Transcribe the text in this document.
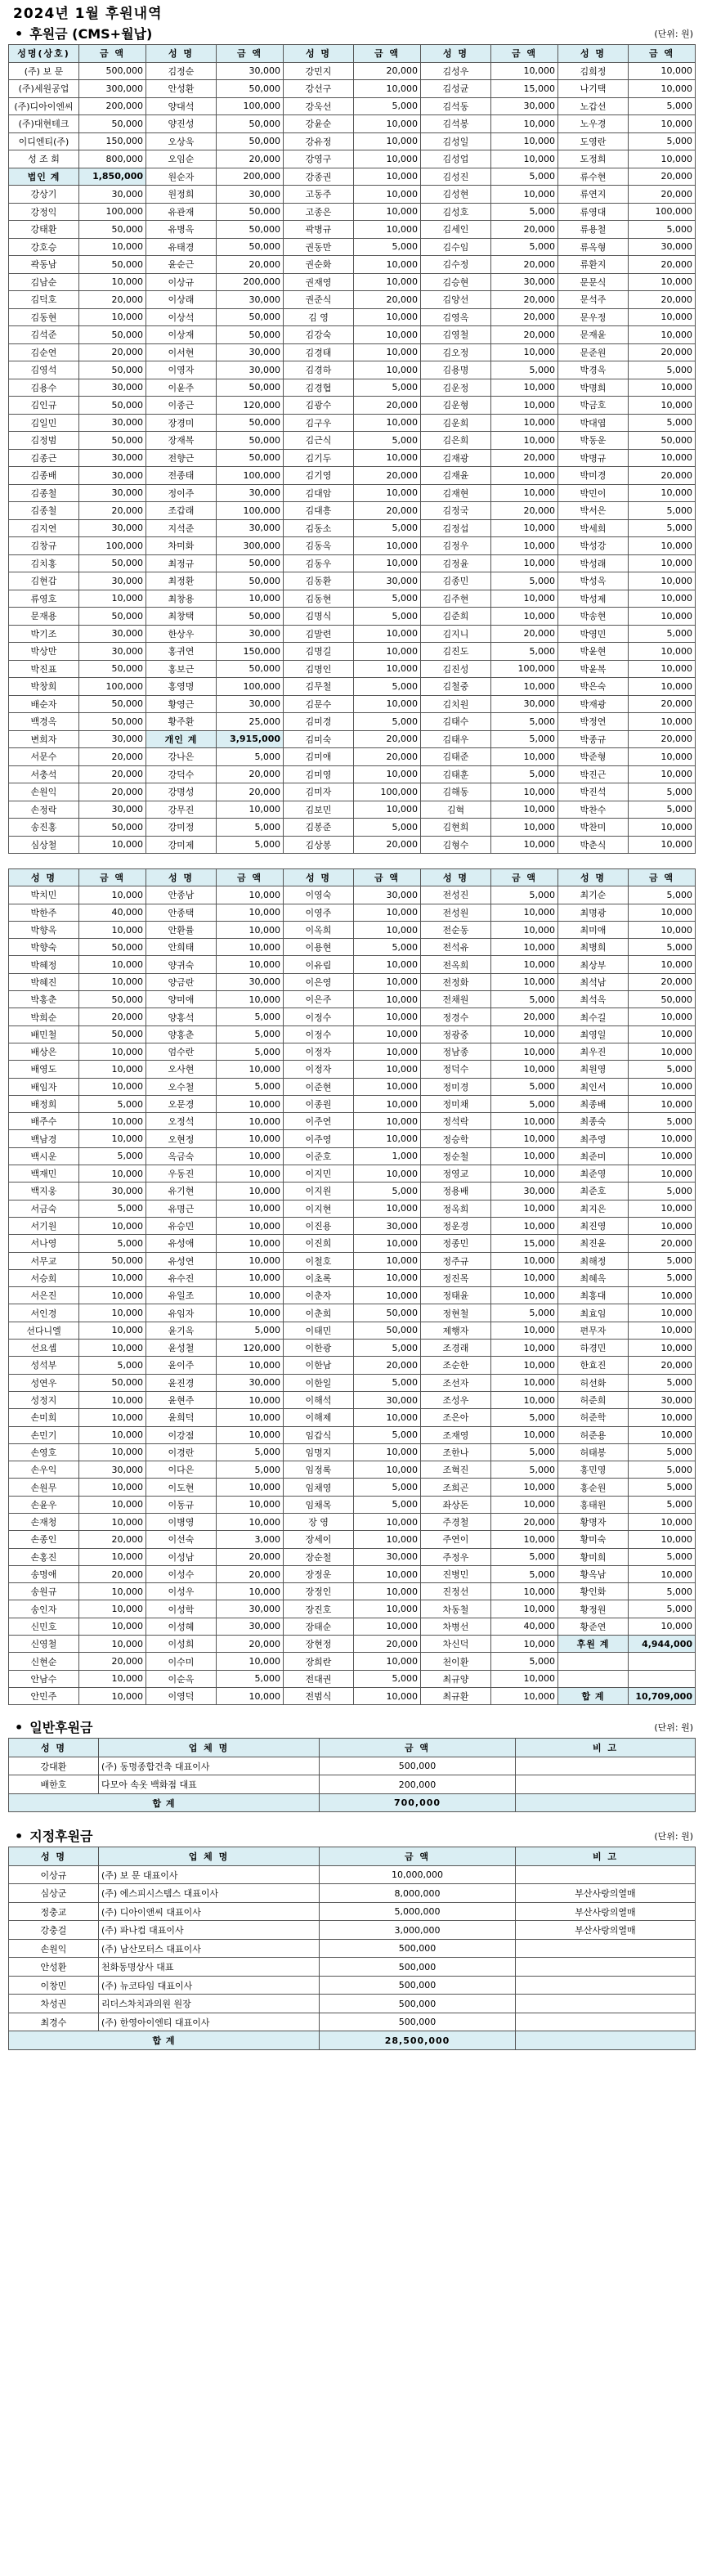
2024년 1월 후원내역
• 후원금 (CMS+월납)	(단위: 원)
성명(상호)	금 액	성 명	금 액	성 명	금 액	성 명	금 액	성 명	금 액
(주) 보 문	500,000	김정순	30,000	강민지	20,000	김성우	10,000	김희정	10,000
(주)세원공업	300,000	안성환	50,000	강선구	10,000	김성균	15,000	나기택	10,000
(주)디아이엔씨	200,000	양대석	100,000	강욱선	5,000	김석동	30,000	노갑선	5,000
(주)대현테크	50,000	양진성	50,000	강윤순	10,000	김석봉	10,000	노우경	10,000
이디엔티(주)	150,000	오상욱	50,000	강유정	10,000	김성일	10,000	도영란	5,000
성 조 회	800,000	오임순	20,000	강영구	10,000	김성업	10,000	도정희	10,000
법인 계	1,850,000	원순자	200,000	강종권	10,000	김성진	5,000	류수현	20,000
강상기	30,000	원정희	30,000	고동주	10,000	김성현	10,000	류연지	20,000
강정익	100,000	유관재	50,000	고종은	10,000	김성호	5,000	류영대	100,000
강태환	50,000	유병옥	50,000	곽병규	10,000	김세인	20,000	류용철	5,000
강호승	10,000	유태경	50,000	권동만	5,000	김수임	5,000	류옥형	30,000
곽동남	50,000	윤순근	20,000	권순화	10,000	김수정	20,000	류환지	20,000
김남순	10,000	이상규	200,000	권재영	10,000	김승현	30,000	문문식	10,000
김덕호	20,000	이상래	30,000	권준식	20,000	김양선	20,000	문석주	20,000
김동현	10,000	이상석	50,000	김 영	10,000	김영옥	20,000	문우정	10,000
김석준	50,000	이상재	50,000	김강숙	10,000	김영철	20,000	문재윤	10,000
김순연	20,000	이서현	30,000	김경태	10,000	김오정	10,000	문준원	20,000
김영석	50,000	이영자	30,000	김경하	10,000	김용명	5,000	박경옥	5,000
김용수	30,000	이윤주	50,000	김경협	5,000	김운정	10,000	박명희	10,000
김인규	50,000	이종근	120,000	김광수	20,000	김운형	10,000	박금호	10,000
김일민	30,000	장경미	50,000	김구우	10,000	김운희	10,000	박대엽	5,000
김정범	50,000	장재복	50,000	김근식	5,000	김은희	10,000	박동운	50,000
김종근	30,000	전향근	50,000	김기두	10,000	김재광	20,000	박명규	10,000
김종배	30,000	전종태	100,000	김기영	20,000	김재윤	10,000	박미경	20,000
김종철	30,000	정이주	30,000	김대암	10,000	김재현	10,000	박민이	10,000
김종철	20,000	조갑래	100,000	김대흥	20,000	김정국	20,000	박서은	5,000
김지연	30,000	지석준	30,000	김동소	5,000	김정섭	10,000	박세희	5,000
김창규	100,000	차미화	300,000	김동옥	10,000	김정우	10,000	박성강	10,000
김치홍	50,000	최정규	50,000	김동우	10,000	김정윤	10,000	박성래	10,000
김현갑	30,000	최정환	50,000	김동환	30,000	김종민	5,000	박성옥	10,000
류영호	10,000	최창용	10,000	김동현	5,000	김주현	10,000	박성제	10,000
문재용	50,000	최창택	50,000	김명식	5,000	김준희	10,000	박송현	10,000
박기조	30,000	한상우	30,000	김말련	10,000	김지니	20,000	박영민	5,000
박상만	30,000	홍귀연	150,000	김명길	10,000	김진도	5,000	박윤현	10,000
박진표	50,000	홍보근	50,000	김명인	10,000	김진성	100,000	박윤복	10,000
박창희	100,000	홍영명	100,000	김무철	5,000	김철중	10,000	박은숙	10,000
배순자	50,000	황영근	30,000	김문수	10,000	김치원	30,000	박재광	20,000
백경옥	50,000	황주환	25,000	김미경	5,000	김태수	5,000	박정연	10,000
변희자	30,000	개인 계	3,915,000	김미숙	20,000	김태우	5,000	박종규	20,000
서문수	20,000	강나은	5,000	김미애	20,000	김태준	10,000	박준형	10,000
서충석	20,000	강덕수	20,000	김미영	10,000	김태훈	5,000	박진근	10,000
손원익	20,000	강명성	20,000	김미자	100,000	김해동	10,000	박진석	5,000
손정락	30,000	강무진	10,000	김보민	10,000	김혁	10,000	박찬수	5,000
송진홍	50,000	강미정	5,000	김봉준	5,000	김현희	10,000	박찬미	10,000
심상철	10,000	강미제	5,000	김상봉	20,000	김형수	10,000	박춘식	10,000
성 명	금 액	성 명	금 액	성 명	금 액	성 명	금 액	성 명	금 액
박치민	10,000	안종남	10,000	이영숙	30,000	전성진	5,000	최기순	5,000
박한주	40,000	안종택	10,000	이영주	10,000	전성원	10,000	최명광	10,000
박향옥	10,000	안환률	10,000	이옥희	10,000	전순동	10,000	최미애	10,000
박향숙	50,000	안희태	10,000	이용현	5,000	전석유	10,000	최병희	5,000
박혜정	10,000	양귀숙	10,000	이유림	10,000	전옥희	10,000	최상부	10,000
박혜진	10,000	양금란	30,000	이은영	10,000	전정화	10,000	최석남	20,000
박홍춘	50,000	양미애	10,000	이은주	10,000	전채원	5,000	최석옥	50,000
박희순	20,000	양홍석	5,000	이정수	10,000	정경수	20,000	최수길	10,000
배민철	50,000	양홍춘	5,000	이정수	10,000	정광중	10,000	최영일	10,000
배상은	10,000	엄수란	5,000	이정자	10,000	정남종	10,000	최우진	10,000
배영도	10,000	오사현	10,000	이정자	10,000	정덕수	10,000	최원영	5,000
배임자	10,000	오수철	5,000	이준현	10,000	정미경	5,000	최인서	10,000
배정희	5,000	오문경	10,000	이종원	10,000	정미채	5,000	최종배	10,000
배주수	10,000	오정석	10,000	이주연	10,000	정석락	10,000	최종숙	5,000
백남경	10,000	오현정	10,000	이주영	10,000	정승학	10,000	최주영	10,000
백시운	5,000	옥금숙	10,000	이준호	1,000	정순철	10,000	최준미	10,000
백재민	10,000	우동진	10,000	이지민	10,000	정영교	10,000	최준영	10,000
백지웅	30,000	유기현	10,000	이지원	5,000	정용배	30,000	최준호	5,000
서금숙	5,000	유명근	10,000	이지현	10,000	정옥희	10,000	최지은	10,000
서기원	10,000	유승민	10,000	이진용	30,000	정운경	10,000	최진영	10,000
서나영	5,000	유성애	10,000	이진희	10,000	정종민	15,000	최진윤	20,000
서무교	50,000	유성연	10,000	이철호	10,000	정주규	10,000	최해정	5,000
서승희	10,000	유수진	10,000	이초록	10,000	정진목	10,000	최혜옥	5,000
서은진	10,000	유일조	10,000	이춘자	10,000	정태윤	10,000	최홍대	10,000
서인경	10,000	유임자	10,000	이춘희	50,000	정현철	5,000	최효임	10,000
선다니엘	10,000	윤기옥	5,000	이태민	50,000	제행자	10,000	편무자	10,000
선요셉	10,000	윤성철	120,000	이한광	5,000	조경래	10,000	하경민	10,000
성석부	5,000	윤이주	10,000	이한남	20,000	조순한	10,000	한효진	20,000
성연우	50,000	윤진경	30,000	이한일	5,000	조선자	10,000	허선화	5,000
성정지	10,000	윤현주	10,000	이해석	30,000	조성우	10,000	허준희	30,000
손미희	10,000	윤희덕	10,000	이해제	10,000	조은아	5,000	허준학	10,000
손민기	10,000	이강점	10,000	임갑식	5,000	조재영	10,000	허준용	10,000
손영호	10,000	이경란	5,000	임명지	10,000	조한나	5,000	허태봉	5,000
손우익	30,000	이다은	5,000	임정록	10,000	조혁진	5,000	홍민영	5,000
손원무	10,000	이도현	10,000	임채영	5,000	조희곤	10,000	홍순원	5,000
손윤우	10,000	이동규	10,000	임채목	5,000	좌상돈	10,000	홍태원	5,000
손재청	10,000	이병영	10,000	장 영	10,000	주경철	20,000	황명자	10,000
손종인	20,000	이선숙	3,000	장세이	10,000	주연이	10,000	황미숙	10,000
손홍진	10,000	이성남	20,000	장순철	30,000	주정우	5,000	황미희	5,000
송명애	20,000	이성수	20,000	장정운	10,000	진병민	5,000	황옥남	10,000
송원규	10,000	이성우	10,000	장정인	10,000	진정선	10,000	황인화	5,000
송인자	10,000	이성학	30,000	장진호	10,000	차동철	10,000	황정원	5,000
신민호	10,000	이성혜	30,000	장태순	10,000	차병선	40,000	황준연	10,000
신영철	10,000	이성희	20,000	장현정	20,000	차신덕	10,000	후원 계	4,944,000
신현순	20,000	이수미	10,000	장희란	10,000	천이환	5,000		
안남수	10,000	이순옥	5,000	전대권	5,000	최규양	10,000		
안민주	10,000	이영덕	10,000	전범식	10,000	최규환	10,000	합 계	10,709,000
• 일반후원금	(단위: 원)
성 명	업 체 명	금 액	비 고
강대환	(주) 동명종합건축 대표이사	500,000	
배한호	다모아 속옷 백화점 대표	200,000	
합 계		700,000	
• 지정후원금	(단위: 원)
성 명	업 체 명	금 액	비 고
이상규	(주) 보 문 대표이사	10,000,000	
심상군	(주) 에스피시스템스 대표이사	8,000,000	부산사랑의열매
정충교	(주) 디아이앤씨 대표이사	5,000,000	부산사랑의열매
강충걸	(주) 파나컴 대표이사	3,000,000	부산사랑의열매
손원익	(주) 남산모터스 대표이사	500,000	
안성환	천화동명상사 대표	500,000	
이창민	(주) 뉴코타임 대표이사	500,000	
차성권	리더스차치과의원 원장	500,000	
최경수	(주) 한영아이엔티 대표이사	500,000	
합 계		28,500,000	
